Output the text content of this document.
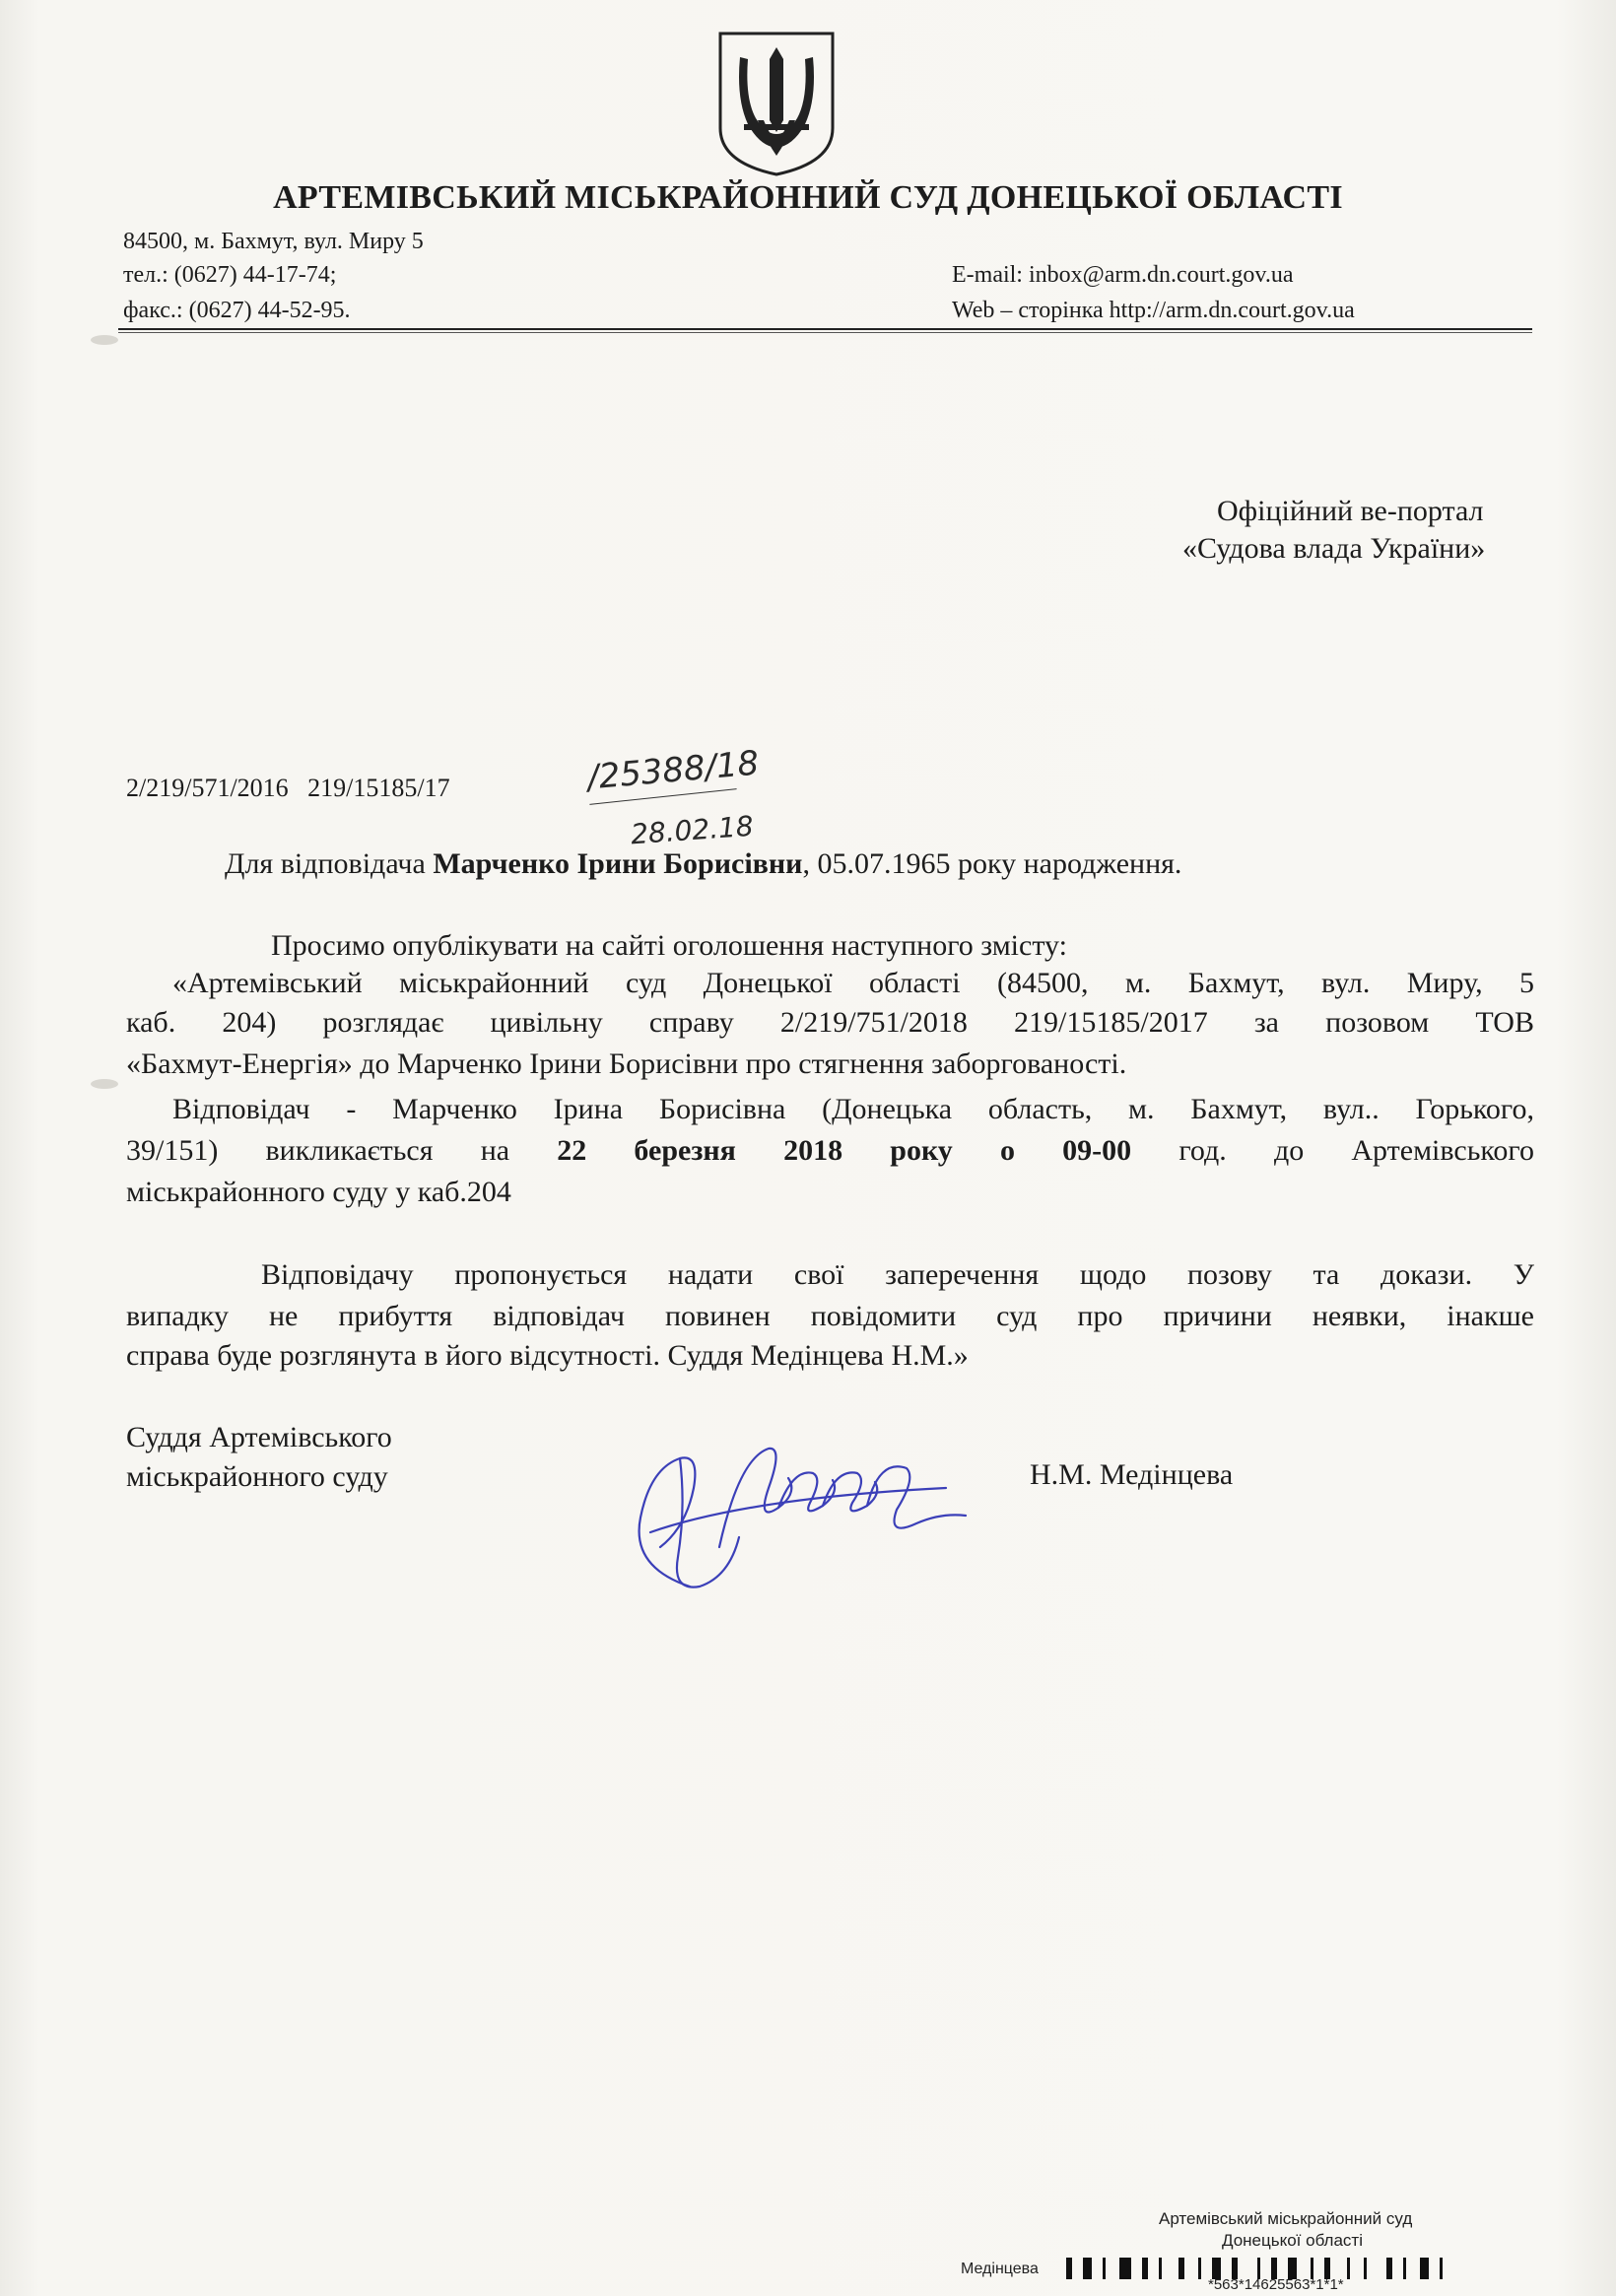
АРТЕМІВСЬКИЙ МІСЬКРАЙОННИЙ СУД ДОНЕЦЬКОЇ ОБЛАСТІ
84500, м. Бахмут, вул. Миру 5
тел.: (0627) 44-17-74;
факс.: (0627) 44-52-95.
E-mail: inbox@arm.dn.court.gov.ua
Web – сторінка http://arm.dn.court.gov.ua
Офіційний ве-портал
«Судова влада України»
2/219/571/2016   219/15185/17	/25388/18
28.02.18
Для відповідача Марченко Ірини Борисівни, 05.07.1965 року народження.
Просимо опублікувати на сайті оголошення наступного змісту:
«Артемівський міськрайонний суд Донецької області (84500, м. Бахмут, вул. Миру, 5
каб. 204) розглядає цивільну справу 2/219/751/2018 219/15185/2017 за позовом ТОВ
«Бахмут-Енергія» до Марченко Ірини Борисівни про стягнення заборгованості.
Відповідач - Марченко Ірина Борисівна (Донецька область, м. Бахмут, вул.. Горького,
39/151) викликається на 22 березня 2018 року о 09-00 год. до Артемівського
міськрайонного суду у каб.204
Відповідачу пропонується надати свої заперечення щодо позову та докази. У
випадку не прибуття відповідач повинен повідомити суд про причини неявки, інакше
справа буде розглянута в його відсутності. Суддя Медінцева Н.М.»
Суддя Артемівського
міськрайонного суду	Н.М. Медінцева
Артемівський міськрайонний суд
Донецької області
Медінцева
*563*14625563*1*1*
